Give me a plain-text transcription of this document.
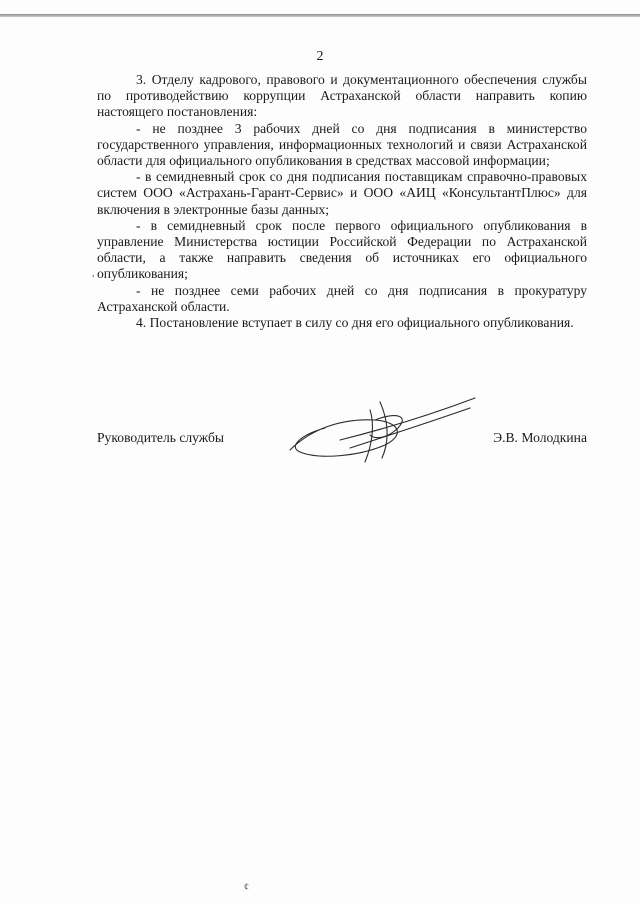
2

3. Отделу кадрового, правового и документационного обеспечения службы по противодействию коррупции Астраханской области направить копию настоящего постановления:

- не позднее 3 рабочих дней со дня подписания в министерство государственного управления, информационных технологий и связи Астраханской области для официального опубликования в средствах массовой информации;

- в семидневный срок со дня подписания поставщикам справочно-правовых систем ООО «Астрахань-Гарант-Сервис» и ООО «АИЦ «КонсультантПлюс» для включения в электронные базы данных;

- в семидневный срок после первого официального опубликования в управление Министерства юстиции Российской Федерации по Астраханской области, а также направить сведения об источниках его официального опубликования;

- не позднее семи рабочих дней со дня подписания в прокуратуру Астраханской области.

4. Постановление вступает в силу со дня его официального опубликования.

Руководитель службы	Э.В. Молодкина
¢
,
